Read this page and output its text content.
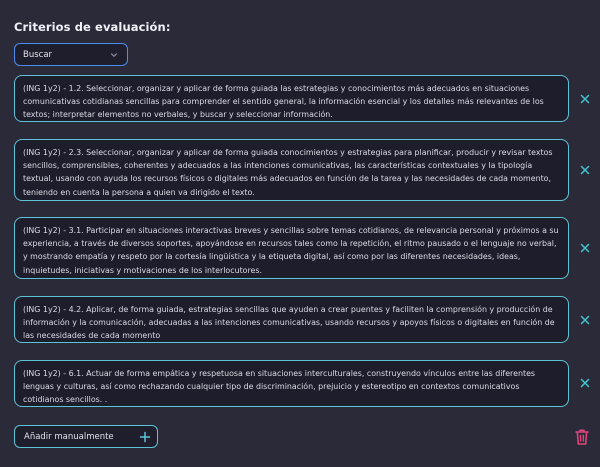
Criterios de evaluación:
Buscar
(ING 1y2) - 1.2. Seleccionar, organizar y aplicar de forma guiada las estrategias y conocimientos más adecuados en situaciones comunicativas cotidianas sencillas para comprender el sentido general, la información esencial y los detalles más relevantes de los textos; interpretar elementos no verbales, y buscar y seleccionar información.
(ING 1y2) - 2.3. Seleccionar, organizar y aplicar de forma guiada conocimientos y estrategias para planificar, producir y revisar textos sencillos, comprensibles, coherentes y adecuados a las intenciones comunicativas, las características contextuales y la tipología textual, usando con ayuda los recursos físicos o digitales más adecuados en función de la tarea y las necesidades de cada momento, teniendo en cuenta la persona a quien va dirigido el texto.
(ING 1y2) - 3.1. Participar en situaciones interactivas breves y sencillas sobre temas cotidianos, de relevancia personal y próximos a su experiencia, a través de diversos soportes, apoyándose en recursos tales como la repetición, el ritmo pausado o el lenguaje no verbal, y mostrando empatía y respeto por la cortesía lingüística y la etiqueta digital, así como por las diferentes necesidades, ideas, inquietudes, iniciativas y motivaciones de los interlocutores.
(ING 1y2) - 4.2. Aplicar, de forma guiada, estrategias sencillas que ayuden a crear puentes y faciliten la comprensión y producción de información y la comunicación, adecuadas a las intenciones comunicativas, usando recursos y apoyos físicos o digitales en función de las necesidades de cada momento
(ING 1y2) - 6.1. Actuar de forma empática y respetuosa en situaciones interculturales, construyendo vínculos entre las diferentes lenguas y culturas, así como rechazando cualquier tipo de discriminación, prejuicio y estereotipo en contextos comunicativos cotidianos sencillos. .
Añadir manualmente
